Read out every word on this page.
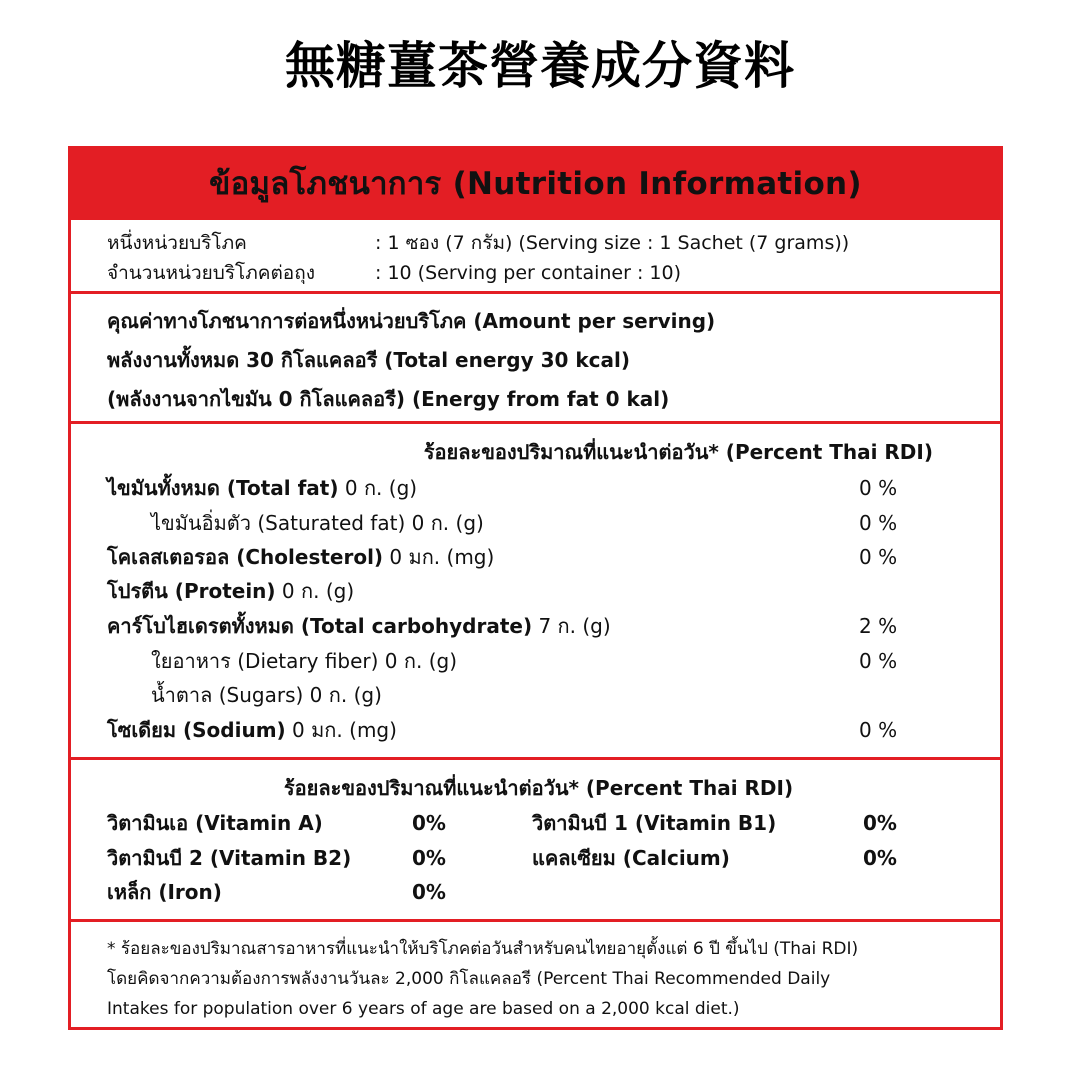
無糖薑茶營養成分資料
ข้อมูลโภชนาการ (Nutrition Information)
หนึ่งหน่วยบริโภค	: 1 ซอง (7 กรัม) (Serving size : 1 Sachet (7 grams))
จำนวนหน่วยบริโภคต่อถุง	: 10 (Serving per container : 10)
คุณค่าทางโภชนาการต่อหนึ่งหน่วยบริโภค (Amount per serving)
พลังงานทั้งหมด 30 กิโลแคลอรี (Total energy 30 kcal)
(พลังงานจากไขมัน 0 กิโลแคลอรี) (Energy from fat 0 kal)
ร้อยละของปริมาณที่แนะนำต่อวัน* (Percent Thai RDI)
ไขมันทั้งหมด (Total fat) 0 ก. (g)	0 %
ไขมันอิ่มตัว (Saturated fat) 0 ก. (g)	0 %
โคเลสเตอรอล (Cholesterol) 0 มก. (mg)	0 %
โปรตีน (Protein) 0 ก. (g)
คาร์โบไฮเดรตทั้งหมด (Total carbohydrate) 7 ก. (g)	2 %
ใยอาหาร (Dietary fiber) 0 ก. (g)	0 %
น้ำตาล (Sugars) 0 ก. (g)
โซเดียม (Sodium) 0 มก. (mg)	0 %
ร้อยละของปริมาณที่แนะนำต่อวัน* (Percent Thai RDI)
วิตามินเอ (Vitamin A)	0%	วิตามินบี 1 (Vitamin B1)	0%
วิตามินบี 2 (Vitamin B2)	0%	แคลเซียม (Calcium)	0%
เหล็ก (Iron)	0%
* ร้อยละของปริมาณสารอาหารที่แนะนำให้บริโภคต่อวันสำหรับคนไทยอายุตั้งแต่ 6 ปี ขึ้นไป (Thai RDI)
โดยคิดจากความต้องการพลังงานวันละ 2,000 กิโลแคลอรี (Percent Thai Recommended Daily
Intakes for population over 6 years of age are based on a 2,000 kcal diet.)
